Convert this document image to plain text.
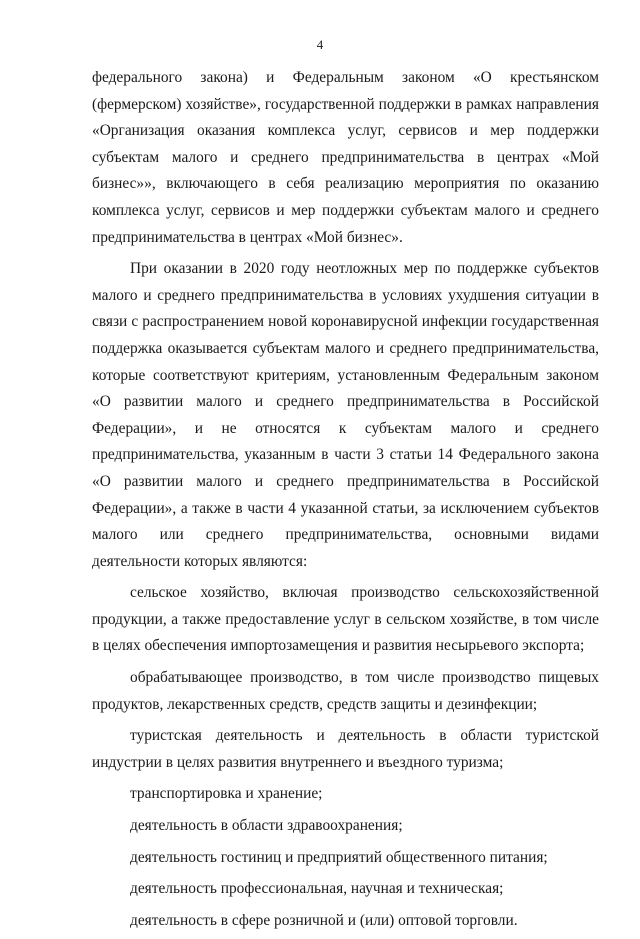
4

федерального закона) и Федеральным законом «О крестьянском (фермерском) хозяйстве», государственной поддержки в рамках направления «Организация оказания комплекса услуг, сервисов и мер поддержки субъектам малого и среднего предпринимательства в центрах «Мой бизнес»», включающего в себя реализацию мероприятия по оказанию комплекса услуг, сервисов и мер поддержки субъектам малого и среднего предпринимательства в центрах «Мой бизнес».

При оказании в 2020 году неотложных мер по поддержке субъектов малого и среднего предпринимательства в условиях ухудшения ситуации в связи с распространением новой коронавирусной инфекции государственная поддержка оказывается субъектам малого и среднего предпринимательства, которые соответствуют критериям, установленным Федеральным законом «О развитии малого и среднего предпринимательства в Российской Федерации», и не относятся к субъектам малого и среднего предпринимательства, указанным в части 3 статьи 14 Федерального закона «О развитии малого и среднего предпринимательства в Российской Федерации», а также в части 4 указанной статьи, за исключением субъектов малого или среднего предпринимательства, основными видами деятельности которых являются:

сельское хозяйство, включая производство сельскохозяйственной продукции, а также предоставление услуг в сельском хозяйстве, в том числе в целях обеспечения импортозамещения и развития несырьевого экспорта;

обрабатывающее производство, в том числе производство пищевых продуктов, лекарственных средств, средств защиты и дезинфекции;

туристская деятельность и деятельность в области туристской индустрии в целях развития внутреннего и въездного туризма;

транспортировка и хранение;

деятельность в области здравоохранения;

деятельность гостиниц и предприятий общественного питания;

деятельность профессиональная, научная и техническая;

деятельность в сфере розничной и (или) оптовой торговли.
